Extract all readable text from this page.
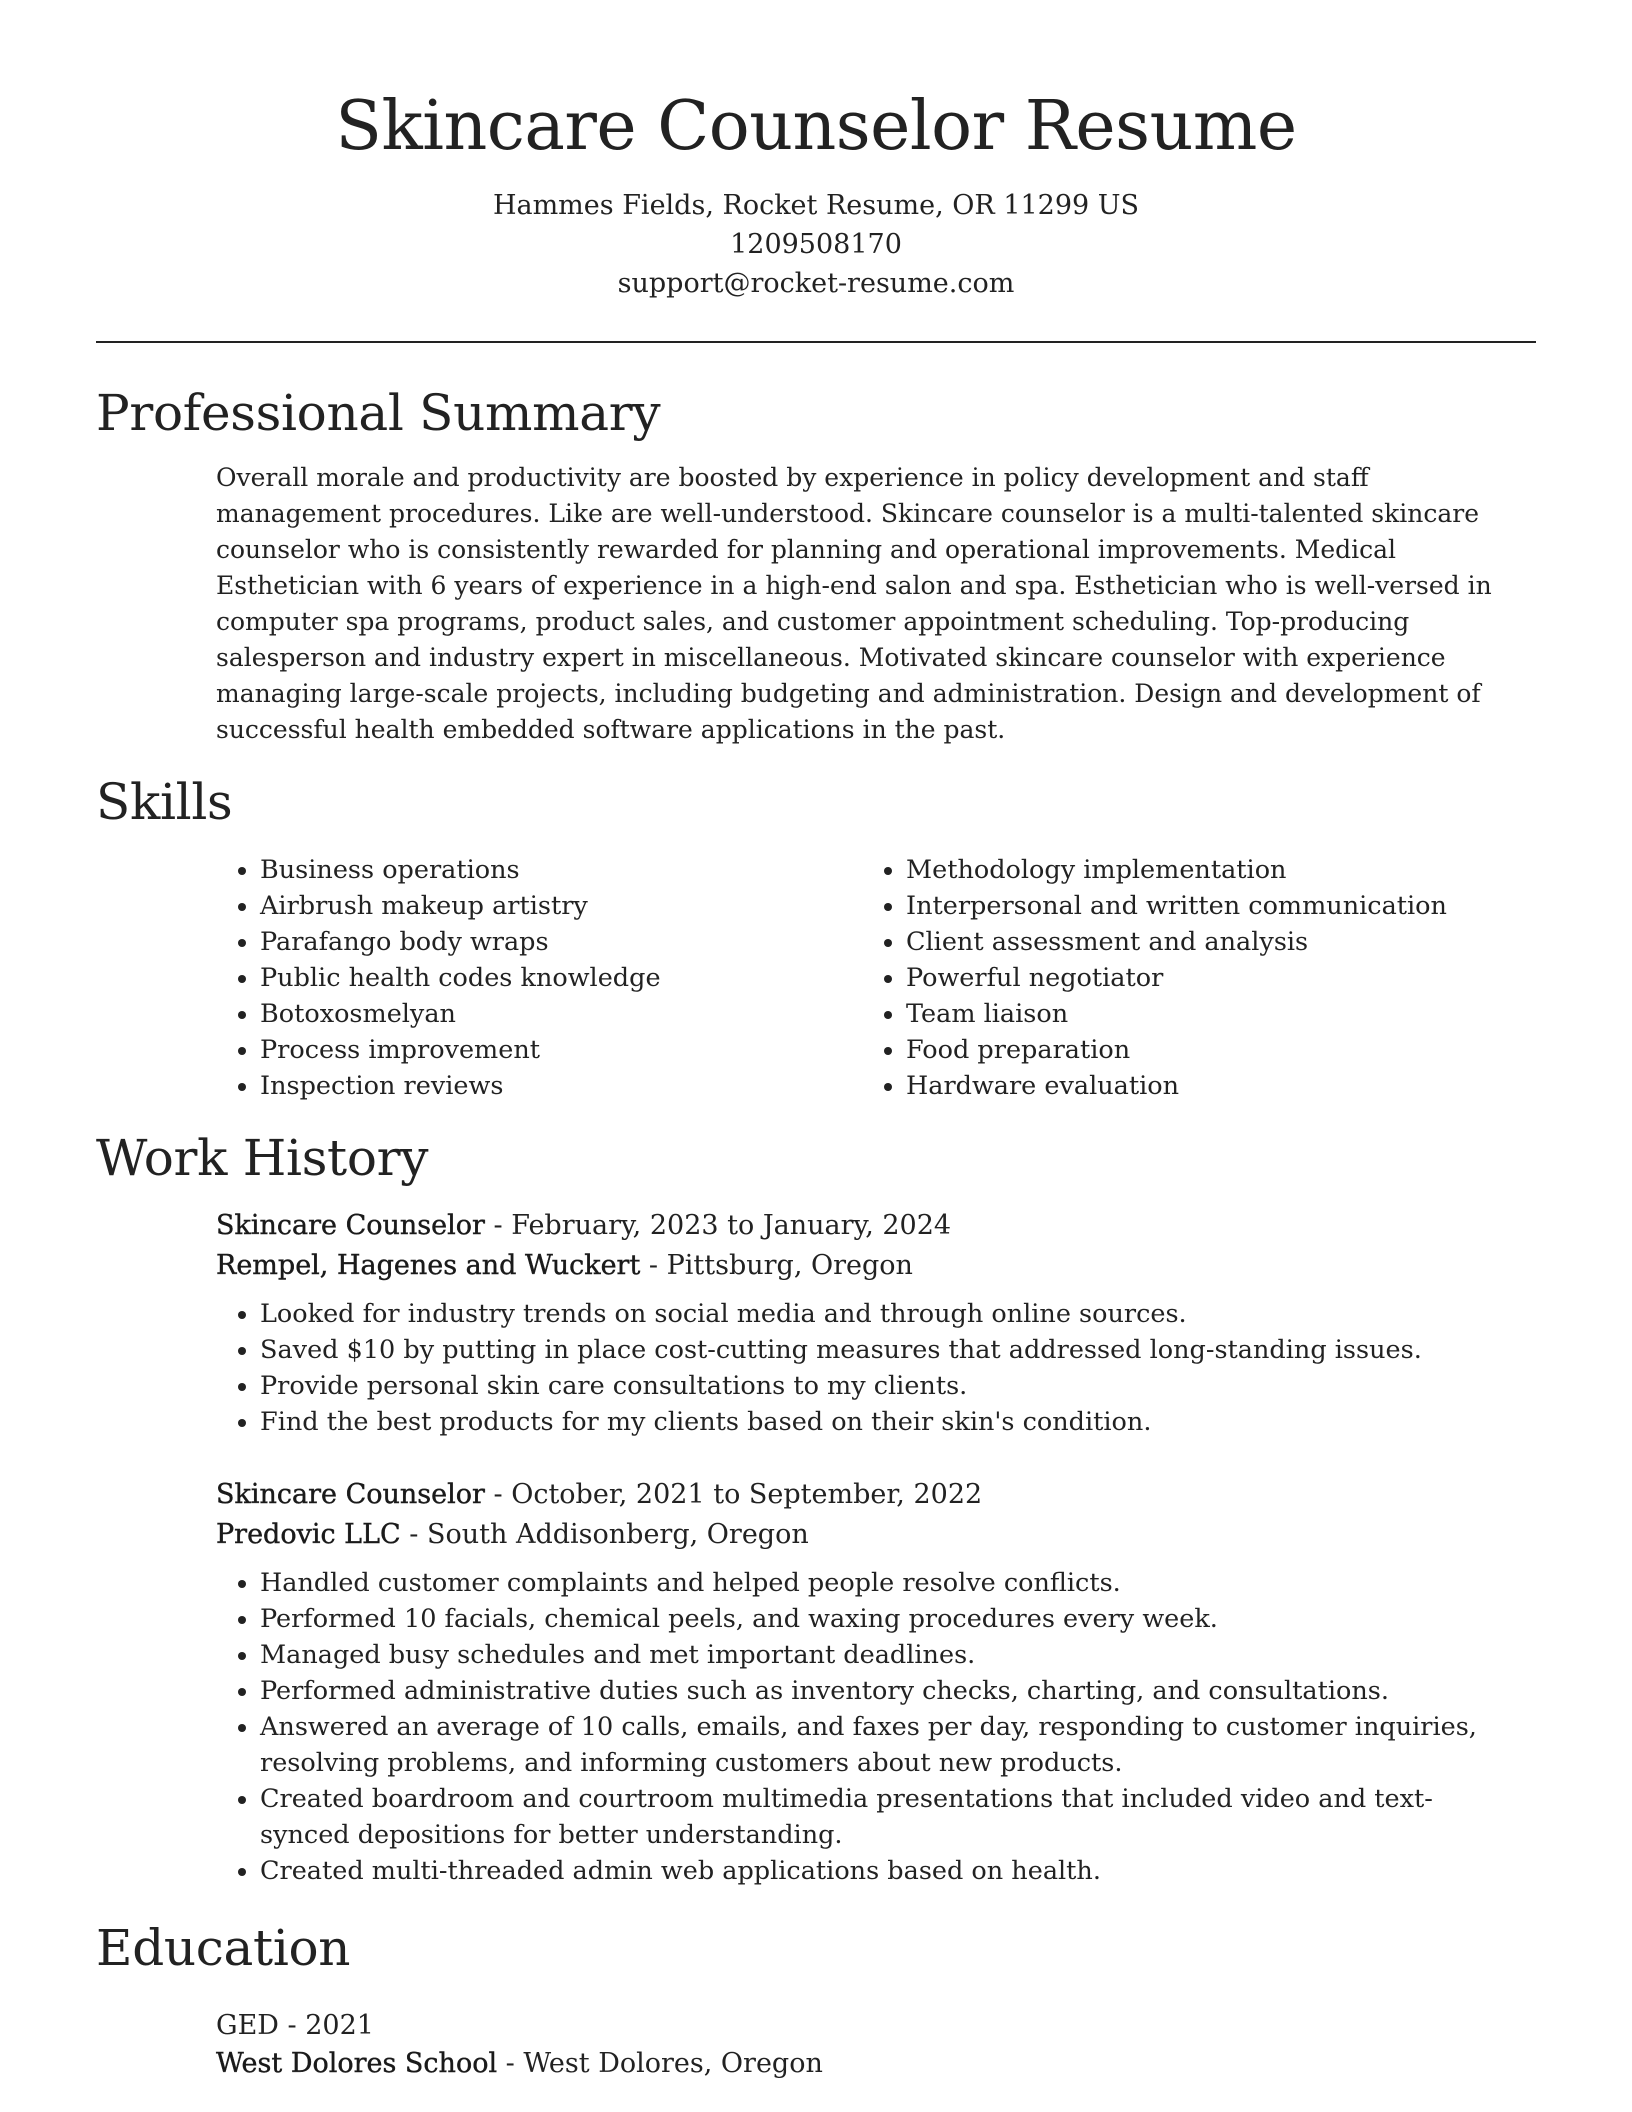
Skincare Counselor Resume

Hammes Fields, Rocket Resume, OR 11299 US

1209508170

support@rocket-resume.com

Professional Summary

Overall morale and productivity are boosted by experience in policy development and staff management procedures. Like are well-understood. Skincare counselor is a multi-talented skincare counselor who is consistently rewarded for planning and operational improvements. Medical Esthetician with 6 years of experience in a high-end salon and spa. Esthetician who is well-versed in computer spa programs, product sales, and customer appointment scheduling. Top-producing salesperson and industry expert in miscellaneous. Motivated skincare counselor with experience managing large-scale projects, including budgeting and administration. Design and development of successful health embedded software applications in the past.

Skills
• Business operations
• Airbrush makeup artistry
• Parafango body wraps
• Public health codes knowledge
• Botoxosmelyan
• Process improvement
• Inspection reviews
• Methodology implementation
• Interpersonal and written communication
• Client assessment and analysis
• Powerful negotiator
• Team liaison
• Food preparation
• Hardware evaluation
Work History

Skincare Counselor - February, 2023 to January, 2024

Rempel, Hagenes and Wuckert - Pittsburg, Oregon

• Looked for industry trends on social media and through online sources.
• Saved $10 by putting in place cost-cutting measures that addressed long-standing issues.
• Provide personal skin care consultations to my clients.
• Find the best products for my clients based on their skin's condition.

Skincare Counselor - October, 2021 to September, 2022

Predovic LLC - South Addisonberg, Oregon

• Handled customer complaints and helped people resolve conflicts.
• Performed 10 facials, chemical peels, and waxing procedures every week.
• Managed busy schedules and met important deadlines.
• Performed administrative duties such as inventory checks, charting, and consultations.
• Answered an average of 10 calls, emails, and faxes per day, responding to customer inquiries, resolving problems, and informing customers about new products.
• Created boardroom and courtroom multimedia presentations that included video and text-synced depositions for better understanding.
• Created multi-threaded admin web applications based on health.
Education

GED - 2021

West Dolores School - West Dolores, Oregon
